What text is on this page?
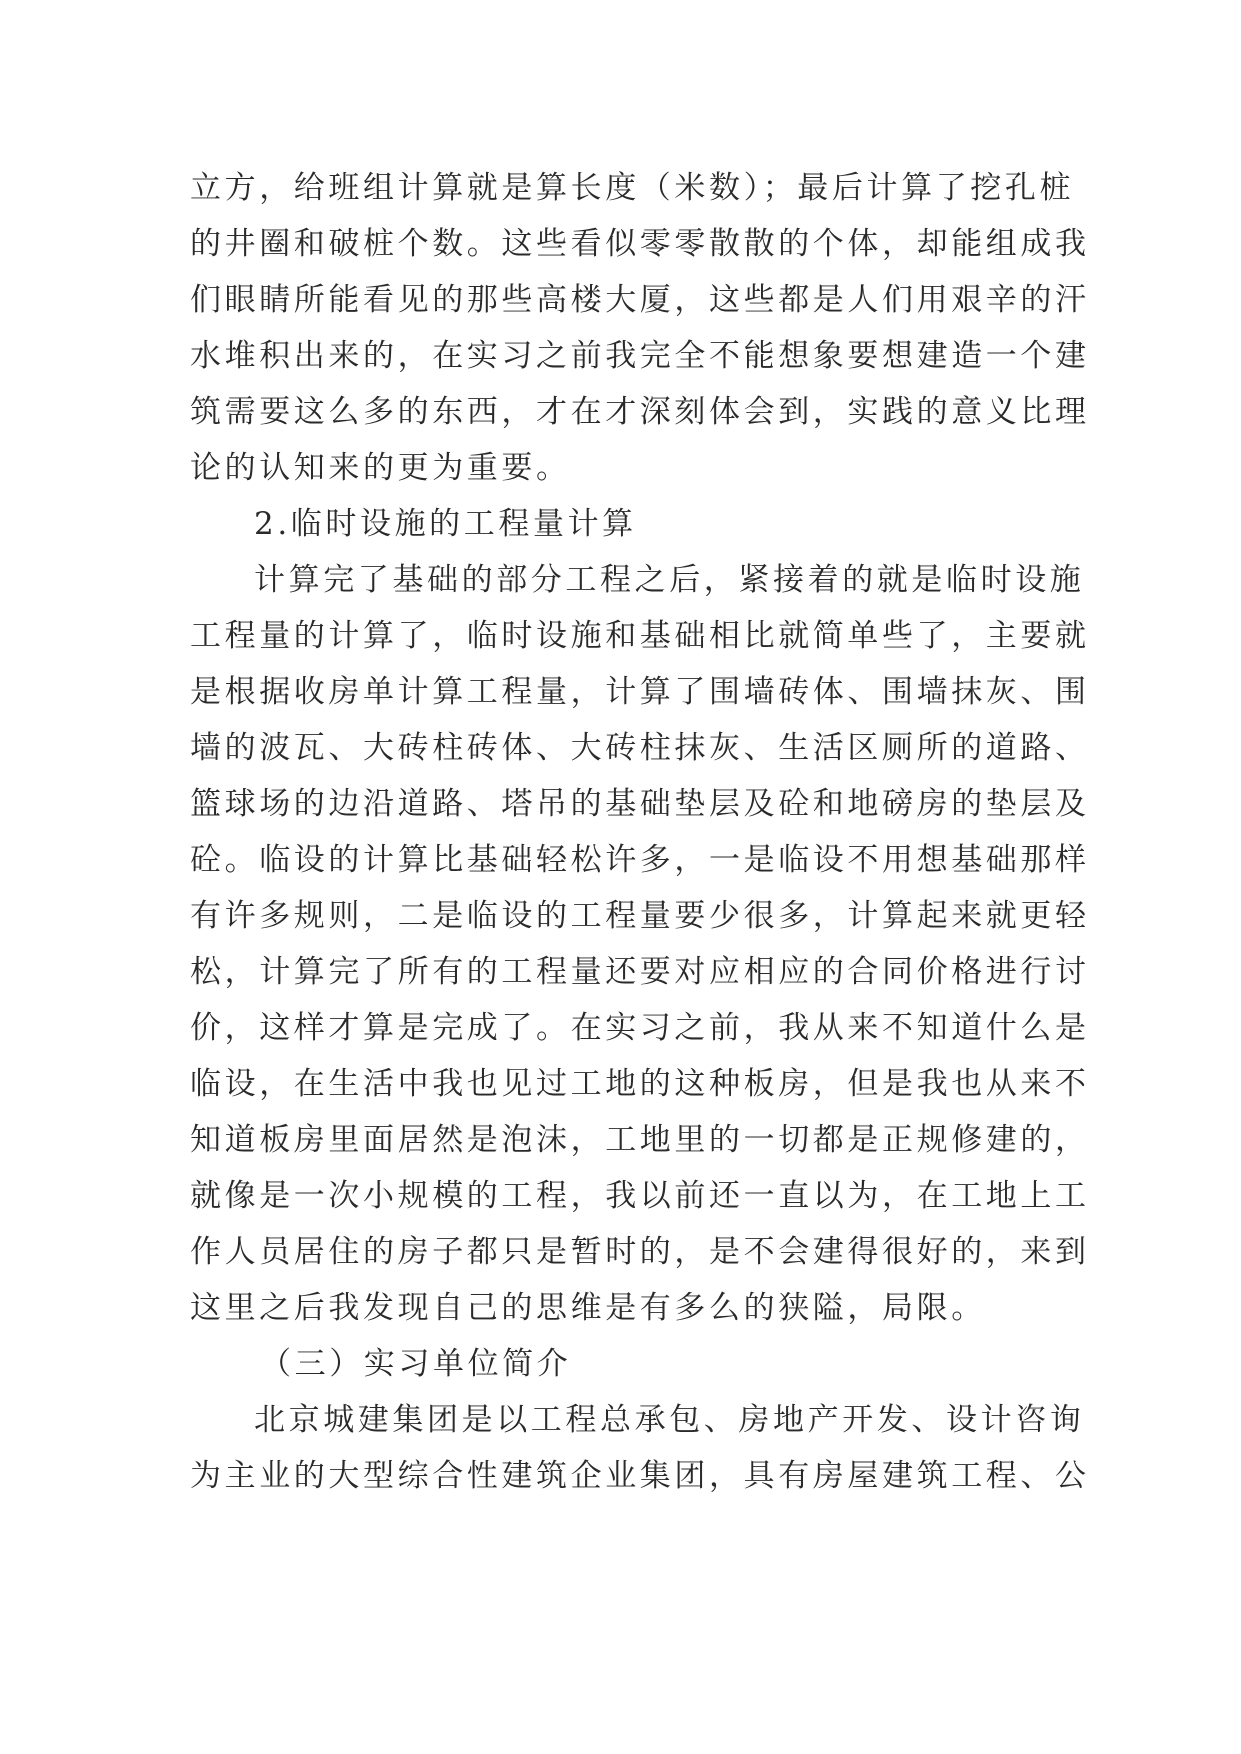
立方，给班组计算就是算长度（米数）；最后计算了挖孔桩
的井圈和破桩个数。这些看似零零散散的个体，却能组成我
们眼睛所能看见的那些高楼大厦，这些都是人们用艰辛的汗
水堆积出来的，在实习之前我完全不能想象要想建造一个建
筑需要这么多的东西，才在才深刻体会到，实践的意义比理
论的认知来的更为重要。
2.临时设施的工程量计算
计算完了基础的部分工程之后，紧接着的就是临时设施
工程量的计算了，临时设施和基础相比就简单些了，主要就
是根据收房单计算工程量，计算了围墙砖体、围墙抹灰、围
墙的波瓦、大砖柱砖体、大砖柱抹灰、生活区厕所的道路、
篮球场的边沿道路、塔吊的基础垫层及砼和地磅房的垫层及
砼。临设的计算比基础轻松许多，一是临设不用想基础那样
有许多规则，二是临设的工程量要少很多，计算起来就更轻
松，计算完了所有的工程量还要对应相应的合同价格进行讨
价，这样才算是完成了。在实习之前，我从来不知道什么是
临设，在生活中我也见过工地的这种板房，但是我也从来不
知道板房里面居然是泡沫，工地里的一切都是正规修建的，
就像是一次小规模的工程，我以前还一直以为，在工地上工
作人员居住的房子都只是暂时的，是不会建得很好的，来到
这里之后我发现自己的思维是有多么的狭隘，局限。
（三）实习单位简介
北京城建集团是以工程总承包、房地产开发、设计咨询
为主业的大型综合性建筑企业集团，具有房屋建筑工程、公
